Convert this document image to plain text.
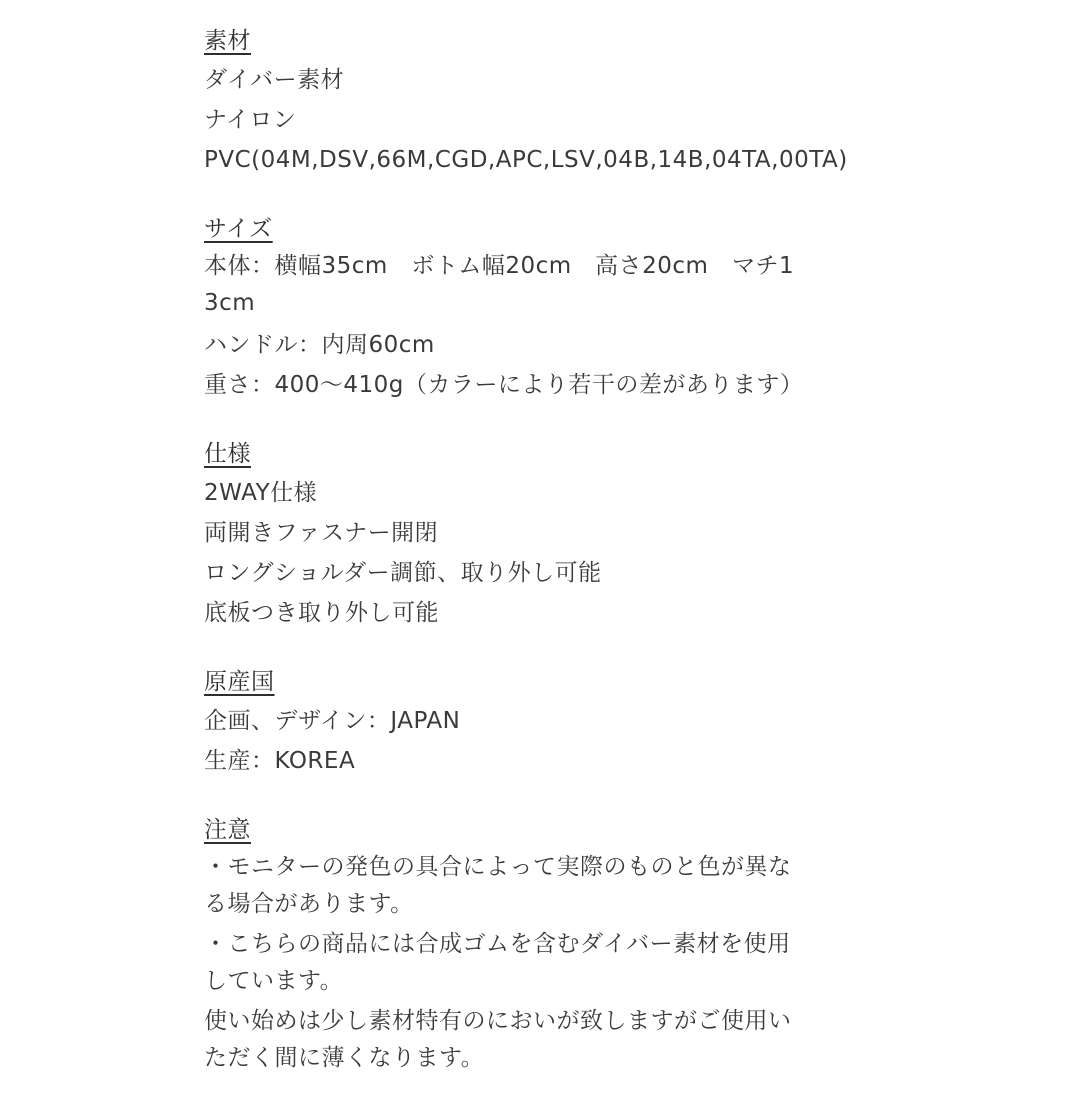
素材
ダイバー素材
ナイロン
PVC(04M,DSV,66M,CGD,APC,LSV,04B,14B,04TA,00TA)
サイズ
本体：横幅35cm　ボトム幅20cm　高さ20cm　マチ13cm
ハンドル：内周60cm
重さ：400～410g（カラーにより若干の差があります）
仕様
2WAY仕様
両開きファスナー開閉
ロングショルダー調節、取り外し可能
底板つき取り外し可能
原産国
企画、デザイン：JAPAN
生産：KOREA
注意
・モニターの発色の具合によって実際のものと色が異なる場合があります。
・こちらの商品には合成ゴムを含むダイバー素材を使用しています。
使い始めは少し素材特有のにおいが致しますがご使用いただく間に薄くなります。
